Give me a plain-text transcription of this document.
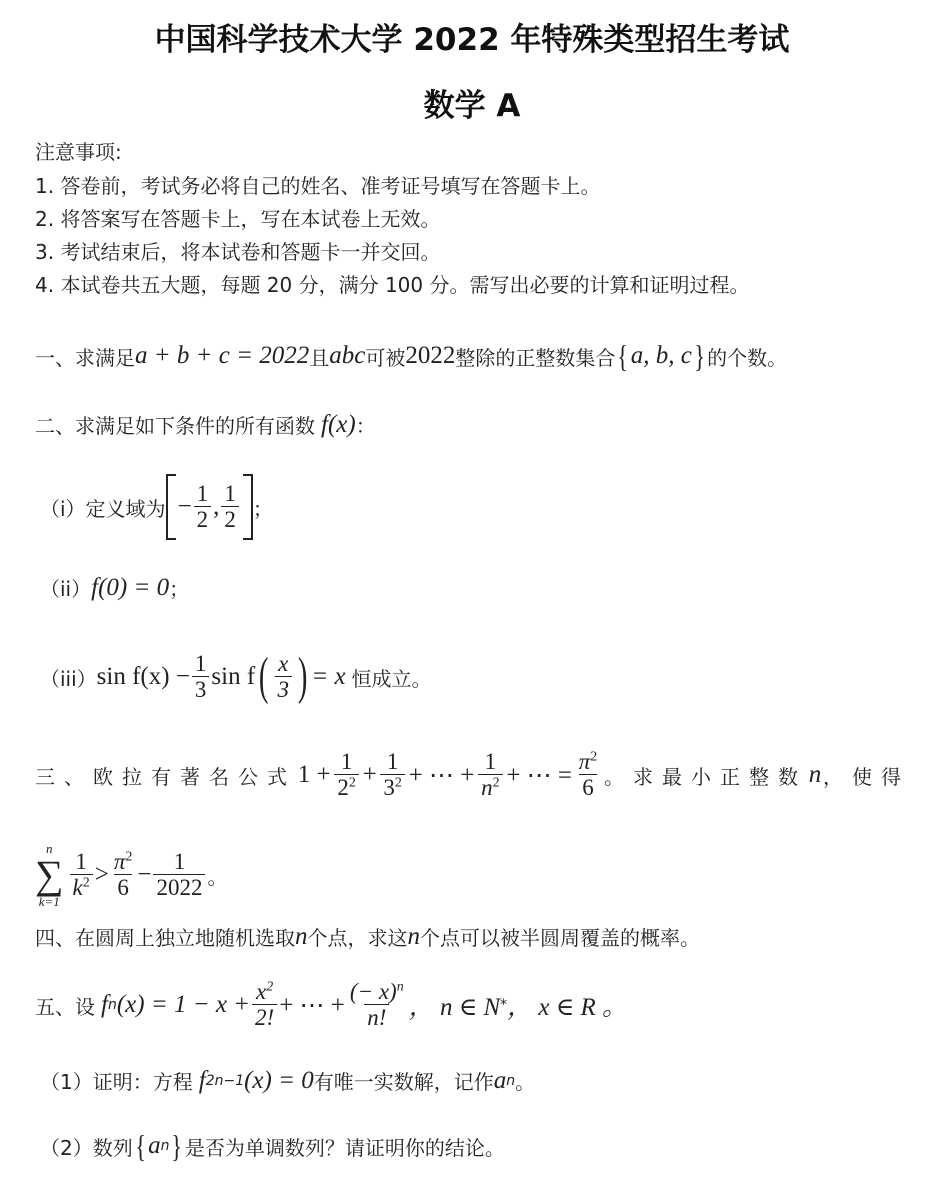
中国科学技术大学 2022 年特殊类型招生考试
数学 A
注意事项:
1. 答卷前，考试务必将自己的姓名、准考证号填写在答题卡上。
2. 将答案写在答题卡上，写在本试卷上无效。
3. 考试结束后，将本试卷和答题卡一并交回。
4. 本试卷共五大题，每题 20 分，满分 100 分。需写出必要的计算和证明过程。
一、求满足 a + b + c = 2022 且 abc 可被 2022 整除的正整数集合 { a, b, c } 的个数。
二、求满足如下条件的所有函数 f(x) ：
（i）定义域为 − $\frac{1}{2}$ , $\frac{1}{2}$ ；
（ii） f(0) = 0 ；
（iii） $\sin f(x) - \frac{1}{3}$ sin f ( $\frac{x}{3}$ ) = x 恒成立。
三、欧拉有著名公式 $1 + \frac{1}{2^2} + \frac{1}{3^2}$ + ⋯ + $\frac{1}{n^2}$ + ⋯ = $\frac{\pi^2}{6}$ 。求最小正整数 n ，使得
n
∑
k=1
$\frac{1}{k^2} > \frac{\pi^2}{6} - \frac{1}{2022}$ 。
四、在圆周上独立地随机选取 n 个点，求这 n 个点可以被半圆周覆盖的概率。
五、设 f n $(x) = 1 - x + \frac{x^2}{2!}$ + ⋯ + $\frac{(- x)^n}{n!}$ ， n ∈ N * ， x ∈ R 。
（1）证明：方程 f 2n−1 (x) = 0 有唯一实数解，记作 a n 。
（2）数列 { a n } 是否为单调数列？请证明你的结论。
